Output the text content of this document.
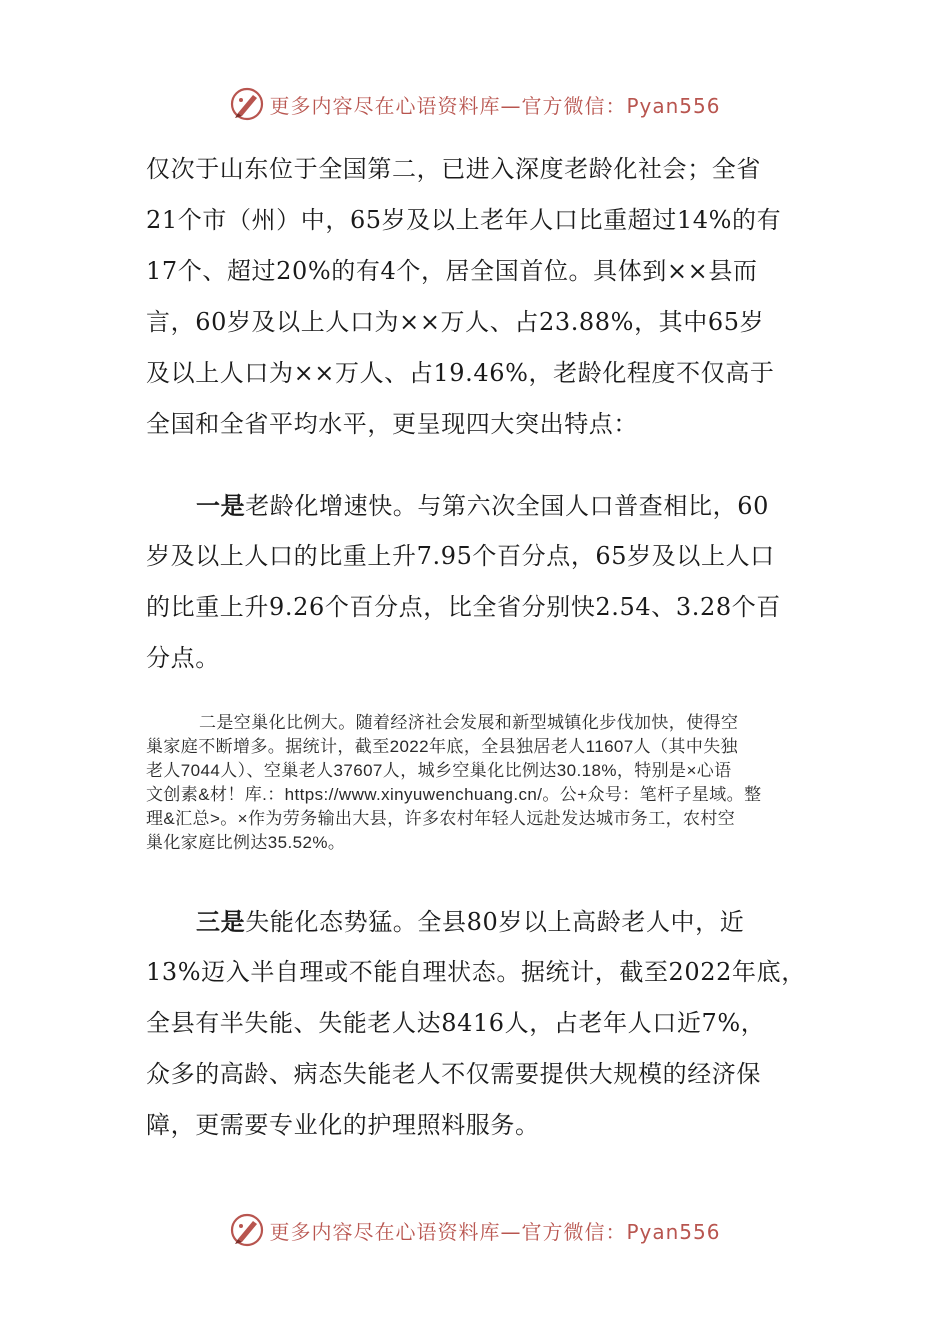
更多内容尽在心语资料库—官方微信：Pyan556
仅次于山东位于全国第二，已进入深度老龄化社会；全省
21个市（州）中，65岁及以上老年人口比重超过14%的有
17个、超过20%的有4个，居全国首位。具体到××县而
言，60岁及以上人口为××万人、占23.88%，其中65岁
及以上人口为××万人、占19.46%，老龄化程度不仅高于
全国和全省平均水平，更呈现四大突出特点：
一是老龄化增速快。与第六次全国人口普查相比，60
岁及以上人口的比重上升7.95个百分点，65岁及以上人口
的比重上升9.26个百分点，比全省分别快2.54、3.28个百
分点。
二是空巢化比例大。随着经济社会发展和新型城镇化步伐加快，使得空
巢家庭不断增多。据统计，截至2022年底，全县独居老人11607人（其中失独
老人7044人）、空巢老人37607人，城乡空巢化比例达30.18%，特别是×心语
文创素&材！库.：https://www.xinyuwenchuang.cn/。公+众号：笔杆子星域。整
理&汇总>。×作为劳务输出大县，许多农村年轻人远赴发达城市务工，农村空
巢化家庭比例达35.52%。
三是失能化态势猛。全县80岁以上高龄老人中，近
13%迈入半自理或不能自理状态。据统计，截至2022年底，
全县有半失能、失能老人达8416人，占老年人口近7%，
众多的高龄、病态失能老人不仅需要提供大规模的经济保
障，更需要专业化的护理照料服务。
更多内容尽在心语资料库—官方微信：Pyan556
